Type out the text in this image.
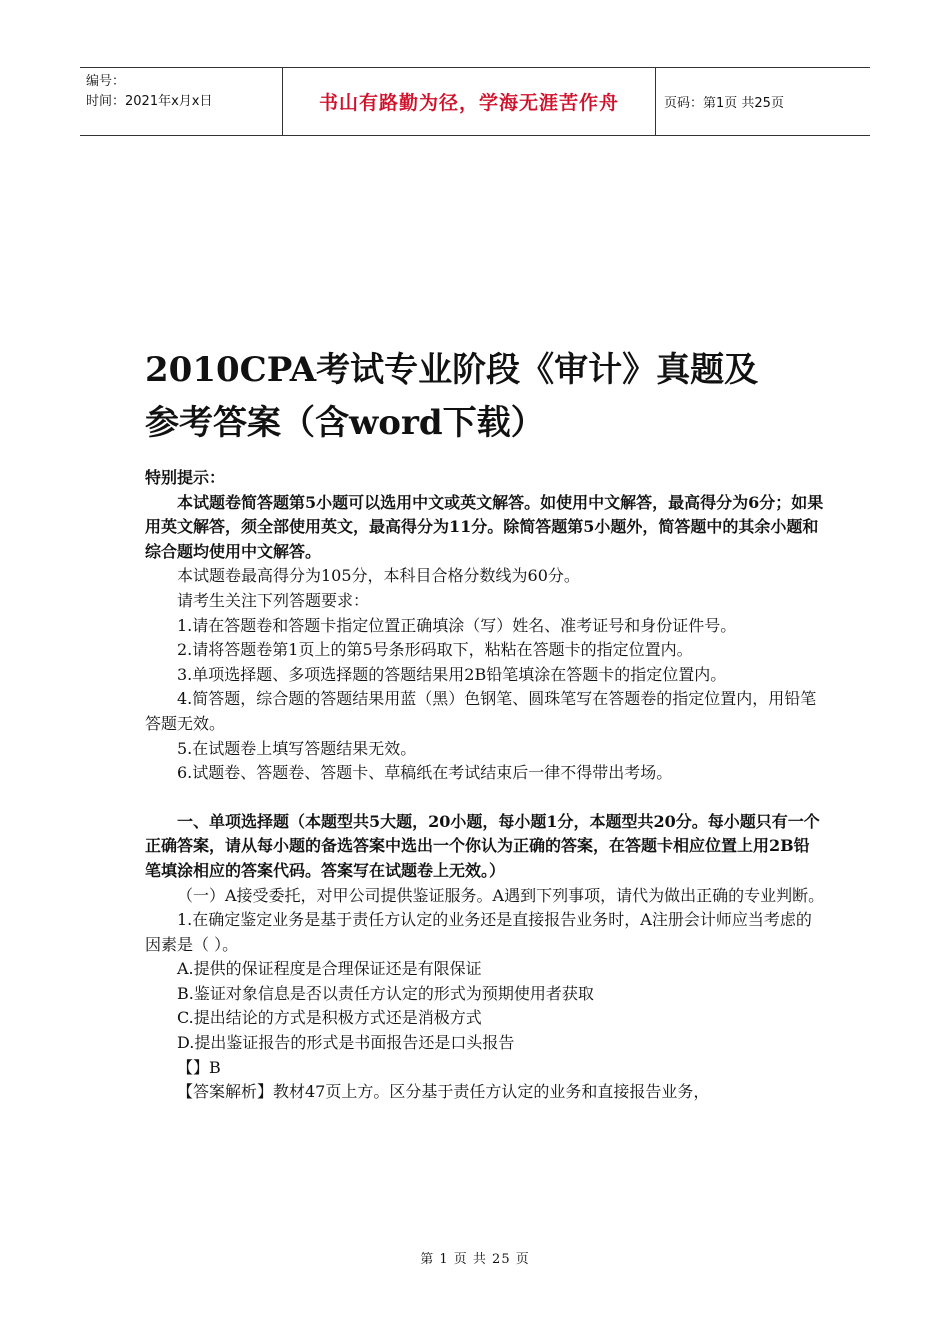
编号：
时间：2021年x月x日	书山有路勤为径，学海无涯苦作舟	页码：第1页 共25页
2010CPA考试专业阶段《审计》真题及
参考答案（含word下载）

特别提示：

本试题卷简答题第5小题可以选用中文或英文解答。如使用中文解答，最高得分为6分；如果用英文解答，须全部使用英文，最高得分为11分。除简答题第5小题外，简答题中的其余小题和综合题均使用中文解答。

本试题卷最高得分为105分，本科目合格分数线为60分。

请考生关注下列答题要求：

1.请在答题卷和答题卡指定位置正确填涂（写）姓名、准考证号和身份证件号。

2.请将答题卷第1页上的第5号条形码取下，粘粘在答题卡的指定位置内。

3.单项选择题、多项选择题的答题结果用2B铅笔填涂在答题卡的指定位置内。

4.简答题，综合题的答题结果用蓝（黑）色钢笔、圆珠笔写在答题卷的指定位置内，用铅笔答题无效。

5.在试题卷上填写答题结果无效。

6.试题卷、答题卷、答题卡、草稿纸在考试结束后一律不得带出考场。

一、单项选择题（本题型共5大题，20小题，每小题1分，本题型共20分。每小题只有一个正确答案，请从每小题的备选答案中选出一个你认为正确的答案，在答题卡相应位置上用2B铅笔填涂相应的答案代码。答案写在试题卷上无效。）

（一）A接受委托，对甲公司提供鉴证服务。A遇到下列事项，请代为做出正确的专业判断。

1.在确定鉴定业务是基于责任方认定的业务还是直接报告业务时，A注册会计师应当考虑的因素是（ ）。

A.提供的保证程度是合理保证还是有限保证

B.鉴证对象信息是否以责任方认定的形式为预期使用者获取

C.提出结论的方式是积极方式还是消极方式

D.提出鉴证报告的形式是书面报告还是口头报告

【】B

【答案解析】教材47页上方。区分基于责任方认定的业务和直接报告业务，

第 1 页 共 25 页
